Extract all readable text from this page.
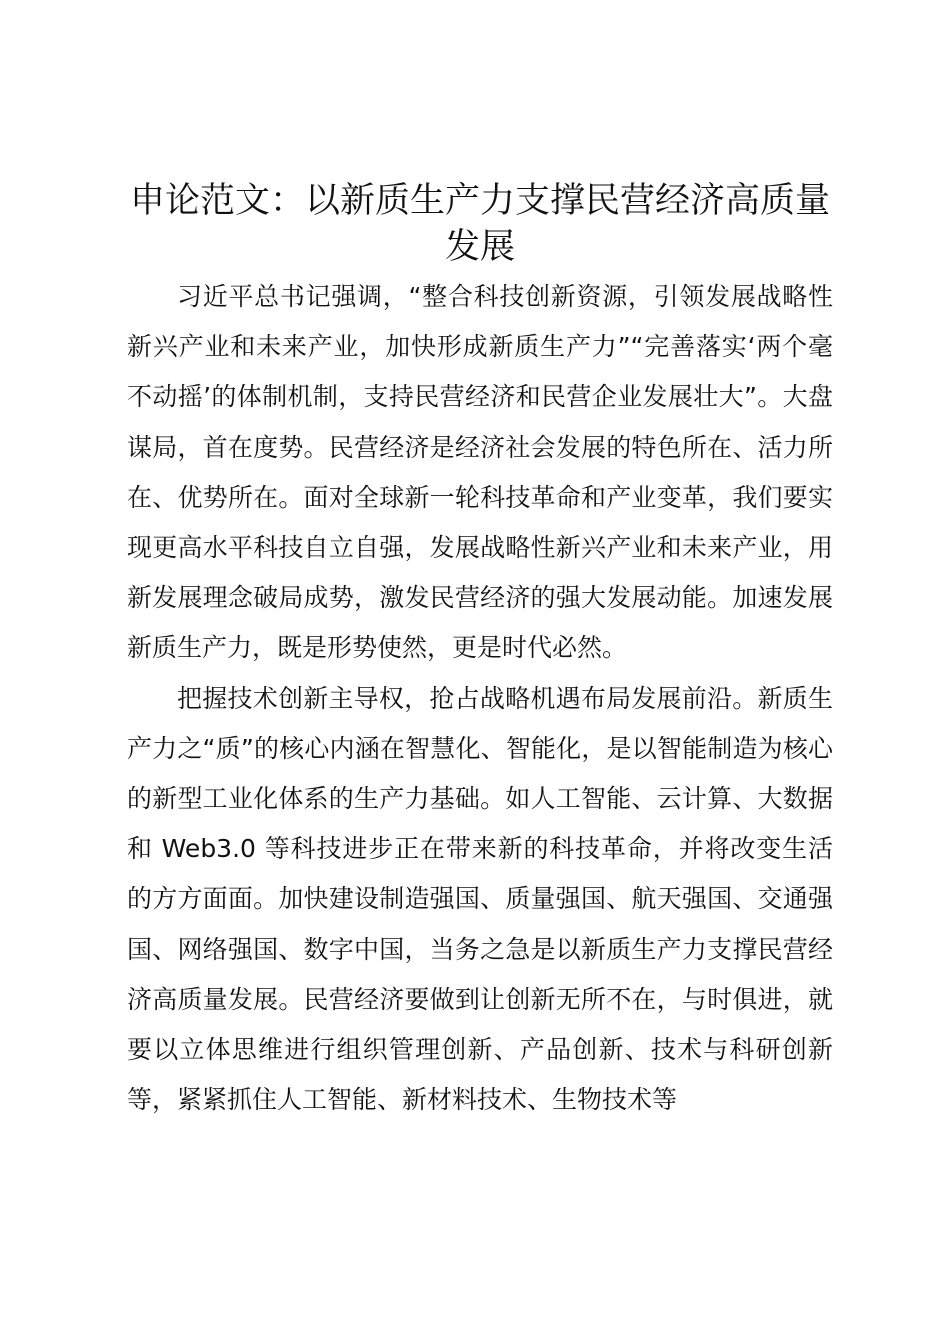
申论范文：以新质生产力支撑民营经济高质量发展

习近平总书记强调，“整合科技创新资源，引领发展战略性新兴产业和未来产业，加快形成新质生产力”“完善落实‘两个毫不动摇’的体制机制，支持民营经济和民营企业发展壮大”。大盘谋局，首在度势。民营经济是经济社会发展的特色所在、活力所在、优势所在。面对全球新一轮科技革命和产业变革，我们要实现更高水平科技自立自强，发展战略性新兴产业和未来产业，用新发展理念破局成势，激发民营经济的强大发展动能。加速发展新质生产力，既是形势使然，更是时代必然。

把握技术创新主导权，抢占战略机遇布局发展前沿。新质生产力之“质”的核心内涵在智慧化、智能化，是以智能制造为核心的新型工业化体系的生产力基础。如人工智能、云计算、大数据和 Web3.0 等科技进步正在带来新的科技革命，并将改变生活的方方面面。加快建设制造强国、质量强国、航天强国、交通强国、网络强国、数字中国，当务之急是以新质生产力支撑民营经济高质量发展。民营经济要做到让创新无所不在，与时俱进，就要以立体思维进行组织管理创新、产品创新、技术与科研创新等，紧紧抓住人工智能、新材料技术、生物技术等
